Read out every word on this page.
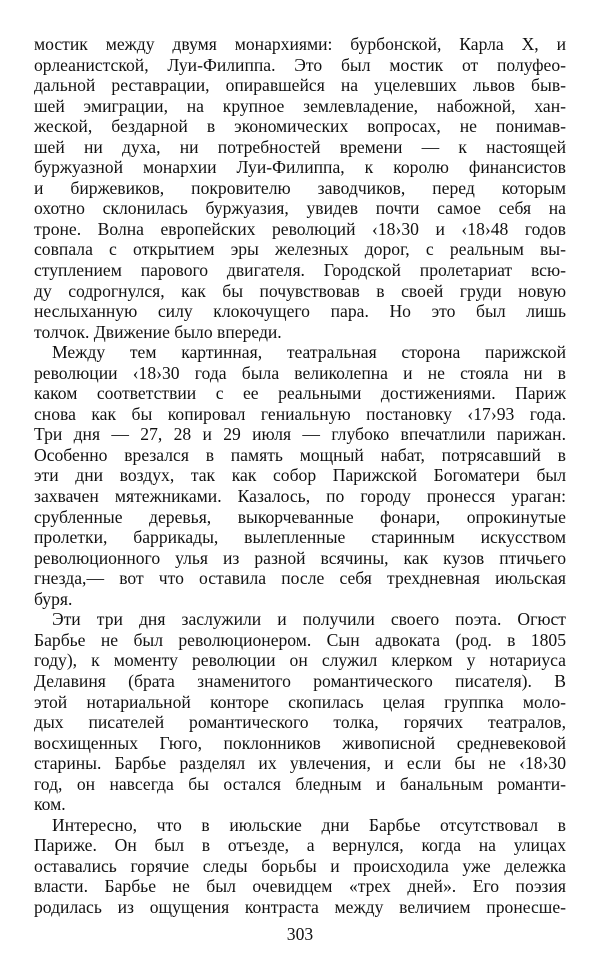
мостик между двумя монархиями: бурбонской, Карла X, и
орлеанистской, Луи-Филиппа. Это был мостик от полуфео-
дальной реставрации, опиравшейся на уцелевших львов быв-
шей эмиграции, на крупное землевладение, набожной, хан-
жеской, бездарной в экономических вопросах, не понимав-
шей ни духа, ни потребностей времени — к настоящей
буржуазной монархии Луи-Филиппа, к королю финансистов
и биржевиков, покровителю заводчиков, перед которым
охотно склонилась буржуазия, увидев почти самое себя на
троне. Волна европейских революций ‹18›30 и ‹18›48 годов
совпала с открытием эры железных дорог, с реальным вы-
ступлением парового двигателя. Городской пролетариат всю-
ду содрогнулся, как бы почувствовав в своей груди новую
неслыханную силу клокочущего пара. Но это был лишь
толчок. Движение было впереди.
Между тем картинная, театральная сторона парижской
революции ‹18›30 года была великолепна и не стояла ни в
каком соответствии с ее реальными достижениями. Париж
снова как бы копировал гениальную постановку ‹17›93 года.
Три дня — 27, 28 и 29 июля — глубоко впечатлили парижан.
Особенно врезался в память мощный набат, потрясавший в
эти дни воздух, так как собор Парижской Богоматери был
захвачен мятежниками. Казалось, по городу пронесся ураган:
срубленные деревья, выкорчеванные фонари, опрокинутые
пролетки, баррикады, вылепленные старинным искусством
революционного улья из разной всячины, как кузов птичьего
гнезда,— вот что оставила после себя трехдневная июльская
буря.
Эти три дня заслужили и получили своего поэта. Огюст
Барбье не был революционером. Сын адвоката (род. в 1805
году), к моменту революции он служил клерком у нотариуса
Делавиня (брата знаменитого романтического писателя). В
этой нотариальной конторе скопилась целая группка моло-
дых писателей романтического толка, горячих театралов,
восхищенных Гюго, поклонников живописной средневековой
старины. Барбье разделял их увлечения, и если бы не ‹18›30
год, он навсегда бы остался бледным и банальным романти-
ком.
Интересно, что в июльские дни Барбье отсутствовал в
Париже. Он был в отъезде, а вернулся, когда на улицах
оставались горячие следы борьбы и происходила уже дележка
власти. Барбье не был очевидцем «трех дней». Его поэзия
родилась из ощущения контраста между величием пронесше-
303
